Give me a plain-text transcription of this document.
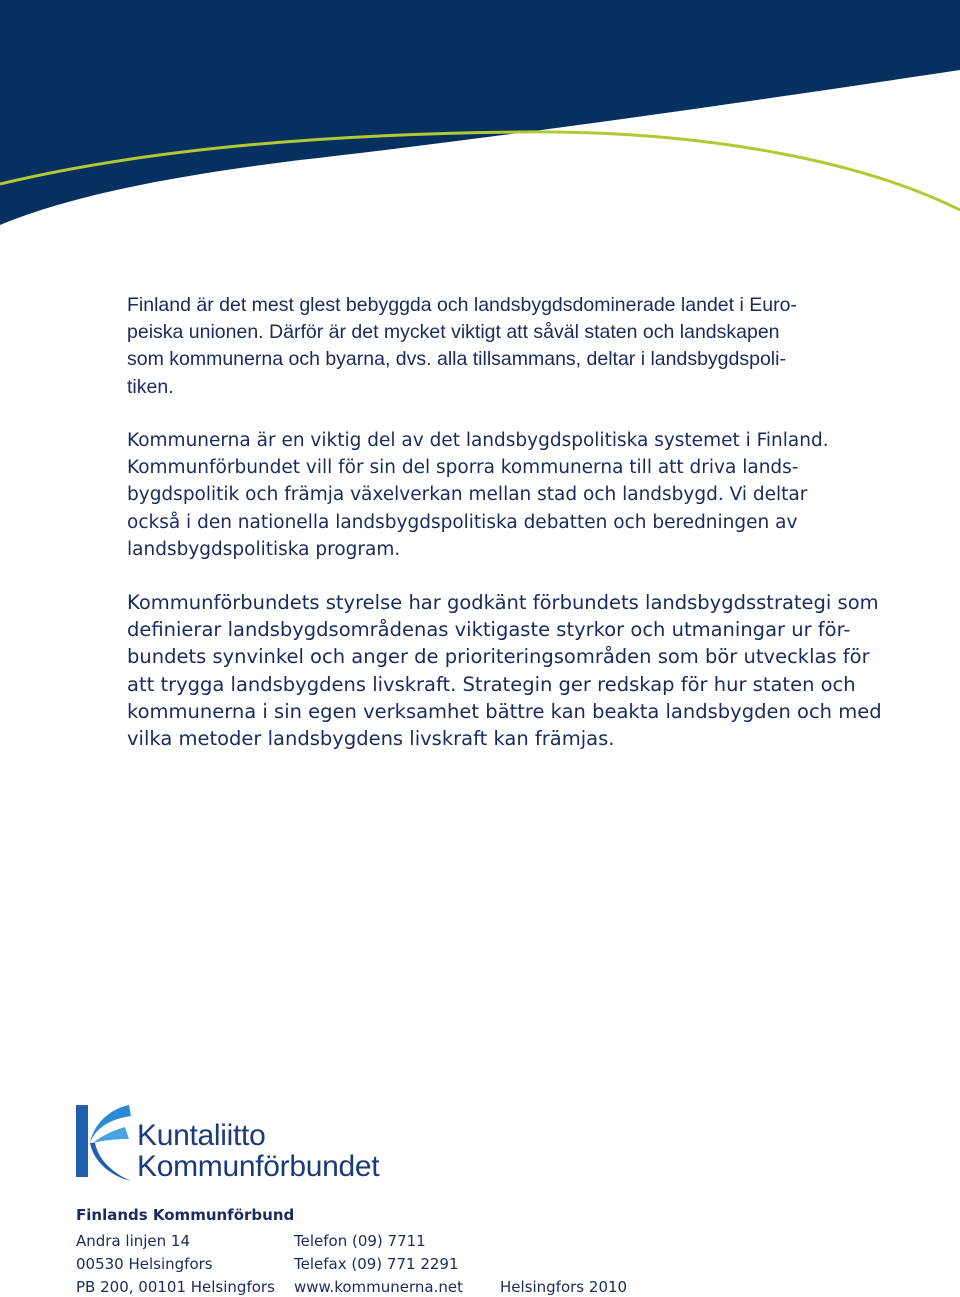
Finland är det mest glest bebyggda och landsbygdsdominerade landet i Euro-
peiska unionen. Därför är det mycket viktigt att såväl staten och landskapen
som kommunerna och byarna, dvs. alla tillsammans, deltar i landsbygdspoli-
tiken.
Kommunerna är en viktig del av det landsbygdspolitiska systemet i Finland.
Kommunförbundet vill för sin del sporra kommunerna till att driva lands-
bygdspolitik och främja växelverkan mellan stad och landsbygd. Vi deltar
också i den nationella landsbygdspolitiska debatten och beredningen av
landsbygdspolitiska program.
Kommunförbundets styrelse har godkänt förbundets landsbygdsstrategi som
definierar landsbygdsområdenas viktigaste styrkor och utmaningar ur för-
bundets synvinkel och anger de prioriteringsområden som bör utvecklas för
att trygga landsbygdens livskraft. Strategin ger redskap för hur staten och
kommunerna i sin egen verksamhet bättre kan beakta landsbygden och med
vilka metoder landsbygdens livskraft kan främjas.
Kuntaliitto
Kommunförbundet
Finlands Kommunförbund
Andra linjen 14
00530 Helsingfors
PB 200, 00101 Helsingfors
Telefon (09) 7711
Telefax (09) 771 2291
www.kommunerna.net Helsingfors 2010
